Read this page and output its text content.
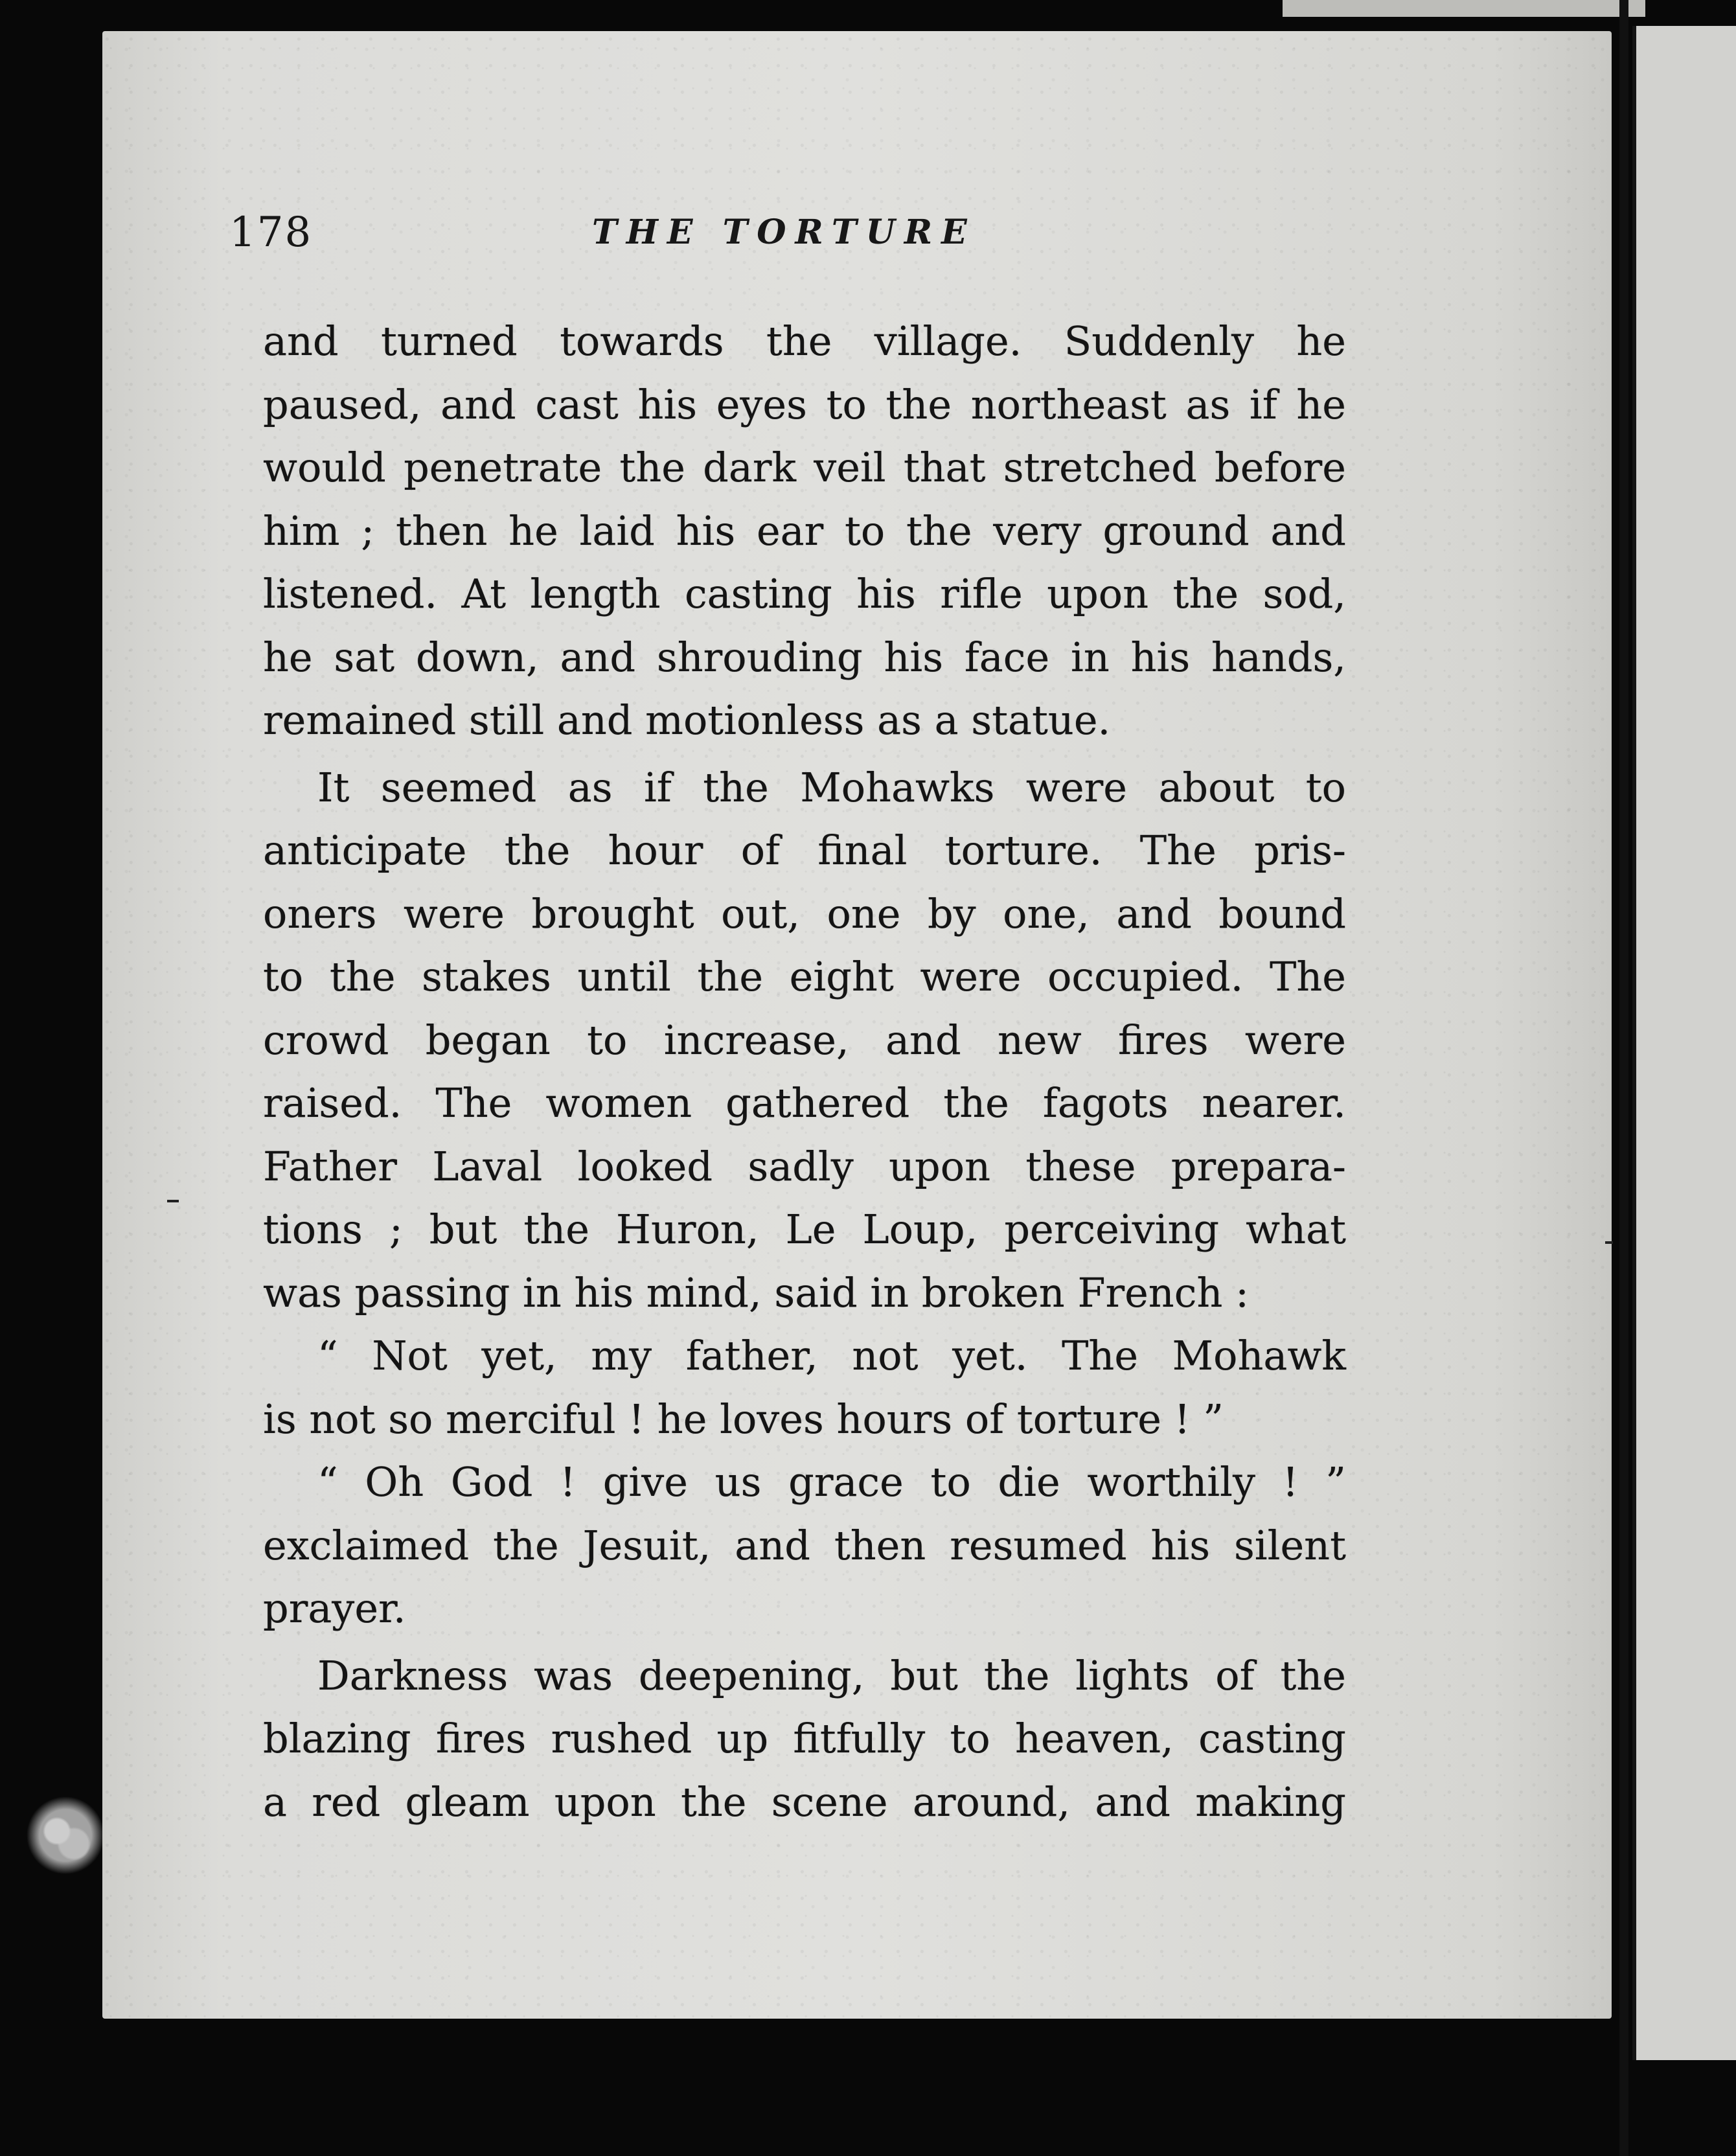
178	THE TORTURE
and turned towards the village. Suddenly he
paused, and cast his eyes to the northeast as if he
would penetrate the dark veil that stretched before
him ; then he laid his ear to the very ground and
listened. At length casting his rifle upon the sod,
he sat down, and shrouding his face in his hands,
remained still and motionless as a statue.
It seemed as if the Mohawks were about to
anticipate the hour of final torture. The pris-
oners were brought out, one by one, and bound
to the stakes until the eight were occupied. The
crowd began to increase, and new fires were
raised. The women gathered the fagots nearer.
Father Laval looked sadly upon these prepara-
tions ; but the Huron, Le Loup, perceiving what
was passing in his mind, said in broken French :
“ Not yet, my father, not yet. The Mohawk
is not so merciful ! he loves hours of torture ! ”
“ Oh God ! give us grace to die worthily ! ”
exclaimed the Jesuit, and then resumed his silent
prayer.
Darkness was deepening, but the lights of the
blazing fires rushed up fitfully to heaven, casting
a red gleam upon the scene around, and making
